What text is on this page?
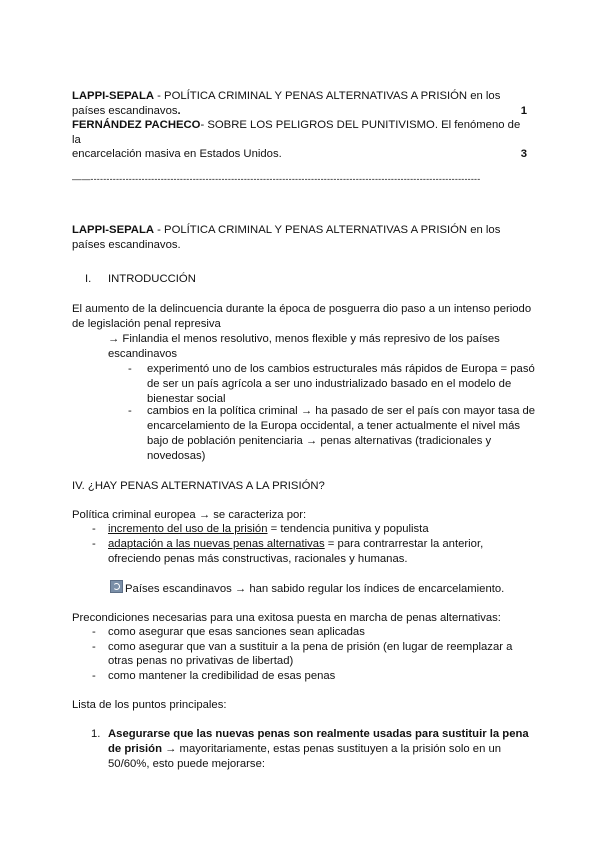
LAPPI-SEPALA - POLÍTICA CRIMINAL Y PENAS ALTERNATIVAS A PRISIÓN en los
países escandinavos.	1
FERNÁNDEZ PACHECO- SOBRE LOS PELIGROS DEL PUNITIVISMO. El fenómeno de la
encarcelación masiva en Estados Unidos.	3
——--------------------------------------------------------------------------------------------------------------------------

LAPPI-SEPALA - POLÍTICA CRIMINAL Y PENAS ALTERNATIVAS A PRISIÓN en los

países escandinavos.

I. INTRODUCCIÓN
El aumento de la delincuencia durante la época de posguerra dio paso a un intenso periodo
de legislación penal represiva
→ Finlandia el menos resolutivo, menos flexible y más represivo de los países
escandinavos
- experimentó uno de los cambios estructurales más rápidos de Europa = pasó
de ser un país agrícola a ser uno industrializado basado en el modelo de
bienestar social
- cambios en la política criminal → ha pasado de ser el país con mayor tasa de
encarcelamiento de la Europa occidental, a tener actualmente el nivel más
bajo de población penitenciaria → penas alternativas (tradicionales y
novedosas)
IV. ¿HAY PENAS ALTERNATIVAS A LA PRISIÓN?
Política criminal europea → se caracteriza por:
- incremento del uso de la prisión = tendencia punitiva y populista
- adaptación a las nuevas penas alternativas = para contrarrestar la anterior,
ofreciendo penas más constructivas, racionales y humanas.
Países escandinavos → han sabido regular los índices de encarcelamiento.
Precondiciones necesarias para una exitosa puesta en marcha de penas alternativas:
- como asegurar que esas sanciones sean aplicadas
- como asegurar que van a sustituir a la pena de prisión (en lugar de reemplazar a
otras penas no privativas de libertad)
- como mantener la credibilidad de esas penas
Lista de los puntos principales:
1. Asegurarse que las nuevas penas son realmente usadas para sustituir la pena
de prisión → mayoritariamente, estas penas sustituyen a la prisión solo en un
50/60%, esto puede mejorarse:
